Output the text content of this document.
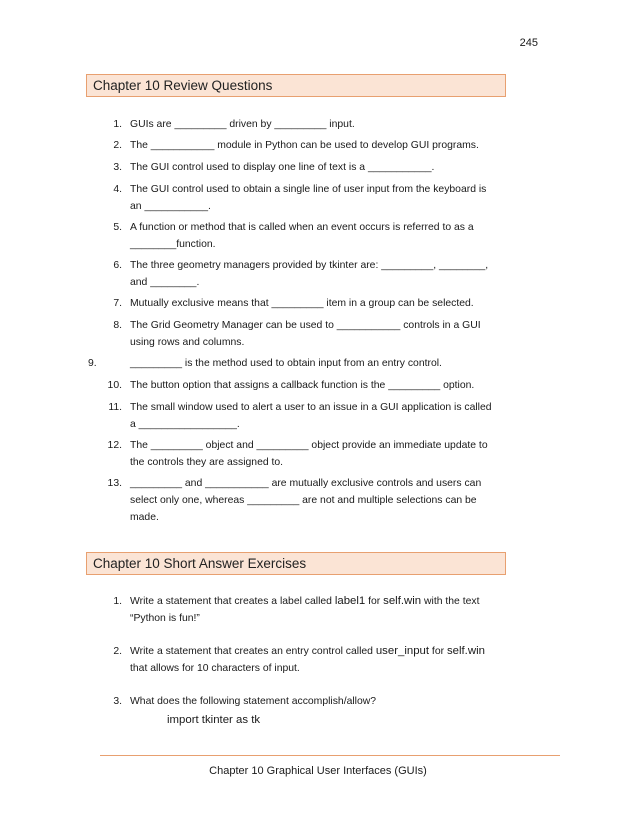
245
Chapter 10 Review Questions
1. GUIs are _________ driven by _________ input.
2. The ___________ module in Python can be used to develop GUI programs.
3. The GUI control used to display one line of text is a ___________.
4. The GUI control used to obtain a single line of user input from the keyboard is an ___________.
5. A function or method that is called when an event occurs is referred to as a ________function.
6. The three geometry managers provided by tkinter are: _________, ________, and ________.
7. Mutually exclusive means that _________ item in a group can be selected.
8. The Grid Geometry Manager can be used to ___________ controls in a GUI using rows and columns.
9.	_________ is the method used to obtain input from an entry control.
10. The button option that assigns a callback function is the _________ option.
11. The small window used to alert a user to an issue in a GUI application is called a _________________.
12. The _________ object and _________ object provide an immediate update to the controls they are assigned to.
13. _________ and ___________ are mutually exclusive controls and users can select only one, whereas _________ are not and multiple selections can be made.
Chapter 10 Short Answer Exercises
1. Write a statement that creates a label called label1 for self.win with the text “Python is fun!”
2. Write a statement that creates an entry control called user_input for self.win that allows for 10 characters of input.
3. What does the following statement accomplish/allow?
import tkinter as tk
Chapter 10 Graphical User Interfaces (GUIs)
